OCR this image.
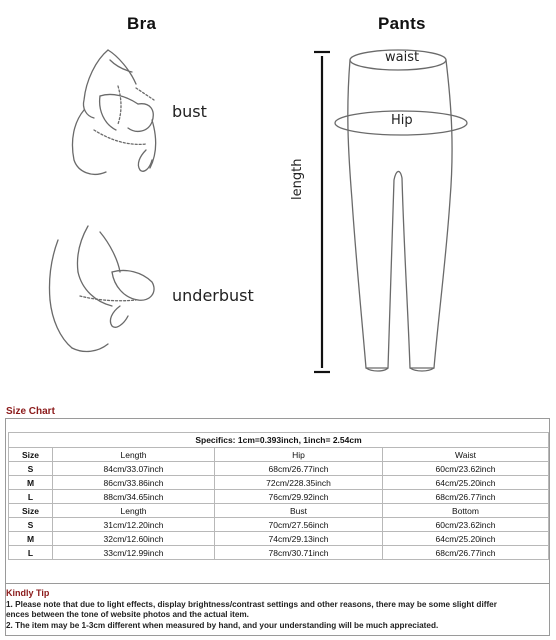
Bra	Pants
bust
underbust
waist
Hip
length
Size Chart
Specifics: 1cm=0.393inch, 1inch= 2.54cm			
Size	Length	Hip	Waist
S	84cm/33.07inch	68cm/26.77inch	60cm/23.62inch
M	86cm/33.86inch	72cm/228.35inch	64cm/25.20inch
L	88cm/34.65inch	76cm/29.92inch	68cm/26.77inch
Size	Length	Bust	Bottom
S	31cm/12.20inch	70cm/27.56inch	60cm/23.62inch
M	32cm/12.60inch	74cm/29.13inch	64cm/25.20inch
L	33cm/12.99inch	78cm/30.71inch	68cm/26.77inch
Kindly Tip
1. Please note that due to light effects, display brightness/contrast settings and other reasons, there may be some slight differ
ences between the tone of website photos and the actual item.
2. The item may be 1-3cm different when measured by hand, and your understanding will be much appreciated.
